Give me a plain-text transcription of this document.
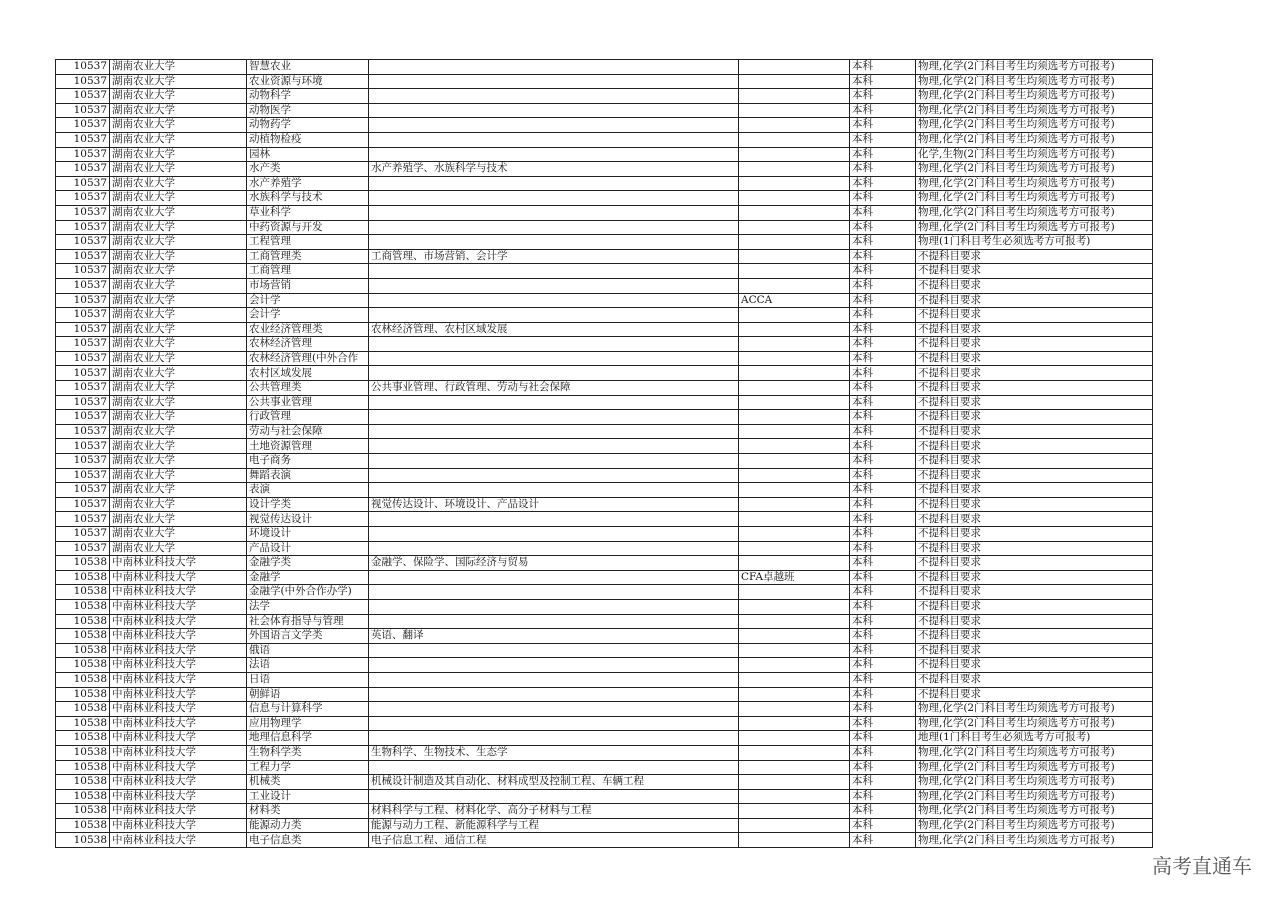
10537	湖南农业大学	智慧农业			本科	物理,化学(2门科目考生均须选考方可报考)
10537	湖南农业大学	农业资源与环境			本科	物理,化学(2门科目考生均须选考方可报考)
10537	湖南农业大学	动物科学			本科	物理,化学(2门科目考生均须选考方可报考)
10537	湖南农业大学	动物医学			本科	物理,化学(2门科目考生均须选考方可报考)
10537	湖南农业大学	动物药学			本科	物理,化学(2门科目考生均须选考方可报考)
10537	湖南农业大学	动植物检疫			本科	物理,化学(2门科目考生均须选考方可报考)
10537	湖南农业大学	园林			本科	化学,生物(2门科目考生均须选考方可报考)
10537	湖南农业大学	水产类	水产养殖学、水族科学与技术		本科	物理,化学(2门科目考生均须选考方可报考)
10537	湖南农业大学	水产养殖学			本科	物理,化学(2门科目考生均须选考方可报考)
10537	湖南农业大学	水族科学与技术			本科	物理,化学(2门科目考生均须选考方可报考)
10537	湖南农业大学	草业科学			本科	物理,化学(2门科目考生均须选考方可报考)
10537	湖南农业大学	中药资源与开发			本科	物理,化学(2门科目考生均须选考方可报考)
10537	湖南农业大学	工程管理			本科	物理(1门科目考生必须选考方可报考)
10537	湖南农业大学	工商管理类	工商管理、市场营销、会计学		本科	不提科目要求
10537	湖南农业大学	工商管理			本科	不提科目要求
10537	湖南农业大学	市场营销			本科	不提科目要求
10537	湖南农业大学	会计学		ACCA	本科	不提科目要求
10537	湖南农业大学	会计学			本科	不提科目要求
10537	湖南农业大学	农业经济管理类	农林经济管理、农村区域发展		本科	不提科目要求
10537	湖南农业大学	农林经济管理			本科	不提科目要求
10537	湖南农业大学	农林经济管理(中外合作			本科	不提科目要求
10537	湖南农业大学	农村区域发展			本科	不提科目要求
10537	湖南农业大学	公共管理类	公共事业管理、行政管理、劳动与社会保障		本科	不提科目要求
10537	湖南农业大学	公共事业管理			本科	不提科目要求
10537	湖南农业大学	行政管理			本科	不提科目要求
10537	湖南农业大学	劳动与社会保障			本科	不提科目要求
10537	湖南农业大学	土地资源管理			本科	不提科目要求
10537	湖南农业大学	电子商务			本科	不提科目要求
10537	湖南农业大学	舞蹈表演			本科	不提科目要求
10537	湖南农业大学	表演			本科	不提科目要求
10537	湖南农业大学	设计学类	视觉传达设计、环境设计、产品设计		本科	不提科目要求
10537	湖南农业大学	视觉传达设计			本科	不提科目要求
10537	湖南农业大学	环境设计			本科	不提科目要求
10537	湖南农业大学	产品设计			本科	不提科目要求
10538	中南林业科技大学	金融学类	金融学、保险学、国际经济与贸易		本科	不提科目要求
10538	中南林业科技大学	金融学		CFA卓越班	本科	不提科目要求
10538	中南林业科技大学	金融学(中外合作办学)			本科	不提科目要求
10538	中南林业科技大学	法学			本科	不提科目要求
10538	中南林业科技大学	社会体育指导与管理			本科	不提科目要求
10538	中南林业科技大学	外国语言文学类	英语、翻译		本科	不提科目要求
10538	中南林业科技大学	俄语			本科	不提科目要求
10538	中南林业科技大学	法语			本科	不提科目要求
10538	中南林业科技大学	日语			本科	不提科目要求
10538	中南林业科技大学	朝鲜语			本科	不提科目要求
10538	中南林业科技大学	信息与计算科学			本科	物理,化学(2门科目考生均须选考方可报考)
10538	中南林业科技大学	应用物理学			本科	物理,化学(2门科目考生均须选考方可报考)
10538	中南林业科技大学	地理信息科学			本科	地理(1门科目考生必须选考方可报考)
10538	中南林业科技大学	生物科学类	生物科学、生物技术、生态学		本科	物理,化学(2门科目考生均须选考方可报考)
10538	中南林业科技大学	工程力学			本科	物理,化学(2门科目考生均须选考方可报考)
10538	中南林业科技大学	机械类	机械设计制造及其自动化、材料成型及控制工程、车辆工程		本科	物理,化学(2门科目考生均须选考方可报考)
10538	中南林业科技大学	工业设计			本科	物理,化学(2门科目考生均须选考方可报考)
10538	中南林业科技大学	材料类	材料科学与工程、材料化学、高分子材料与工程		本科	物理,化学(2门科目考生均须选考方可报考)
10538	中南林业科技大学	能源动力类	能源与动力工程、新能源科学与工程		本科	物理,化学(2门科目考生均须选考方可报考)
10538	中南林业科技大学	电子信息类	电子信息工程、通信工程		本科	物理,化学(2门科目考生均须选考方可报考)
高考直通车
